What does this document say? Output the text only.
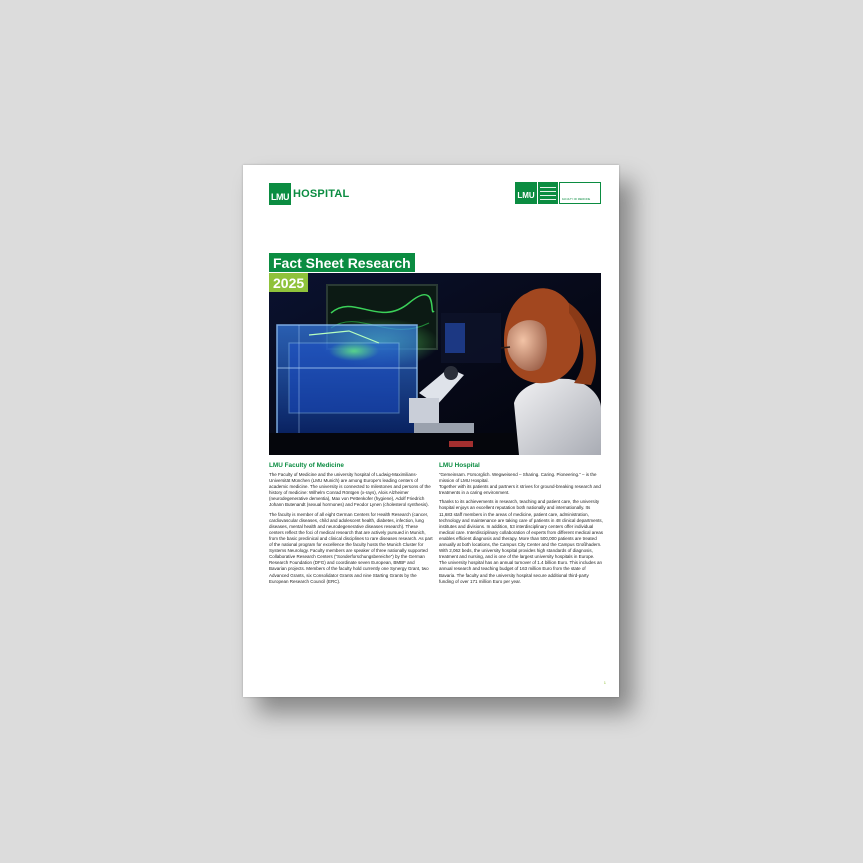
LMU HOSPITAL	LMU	FACULTY OF MEDICINE
Fact Sheet Research
2025
LMU Faculty of Medicine

The Faculty of Medicine and the university hospital of Ludwig-Maximilians-Universität München (LMU Munich) are among Europe’s leading centers of academic medicine. The university is connected to milestones and persons of the history of medicine: Wilhelm Conrad Röntgen (x-rays), Alois Alzheimer (neurodegenerative dementia), Max von Pettenkofer (hygiene), Adolf Friedrich Johann Butenandt (sexual hormones) and Feodor Lynen (cholesterol synthesis).

The faculty is member of all eight German Centers for Health Research (cancer, cardiovascular diseases, child and adolescent health, diabetes, infection, lung diseases, mental health and neurodegenerative diseases research). These centers reflect the foci of medical research that are actively pursued in Munich, from the basic preclinical and clinical disciplines to rare diseases research. As part of the national program for excellence the faculty hosts the Munich Cluster for Systems Neurology. Faculty members are speaker of three nationally supported Collaborative Research Centers (“Sonderforschungsbereiche”) by the German Research Foundation (DFG) and coordinate seven European, BMBF and Bavarian projects. Members of the faculty hold currently one Synergy Grant, two Advanced Grants, six Consolidator Grants and nine Starting Grants by the European Research Council (ERC).

LMU Hospital

“Gemeinsam. Fürsorglich. Wegweisend – Sharing. Caring. Pioneering.” – is the mission of LMU Hospital.

Together with its patients and partners it strives for ground-breaking research and treatments in a caring environment.

Thanks to its achievements in research, teaching and patient care, the university hospital enjoys an excellent reputation both nationally and internationally. Its 11,683 staff members in the areas of medicine, patient care, administration, technology and maintenance are taking care of patients in 48 clinical departments, institutes and divisions. In addition, 53 interdisciplinary centers offer individual medical care. Interdisciplinary collaboration of experts from different medical areas enables efficient diagnosis and therapy. More than 500,000 patients are treated annually at both locations, the Campus City Center and the Campus Großhadern. With 2,062 beds, the university hospital provides high standards of diagnosis, treatment and nursing, and is one of the largest university hospitals in Europe. The university hospital has an annual turnover of 1.4 billion Euro. This includes an annual research and teaching budget of 163 million Euro from the state of Bavaria. The faculty and the university hospital secure additional third-party funding of over 171 million Euro per year.

1
